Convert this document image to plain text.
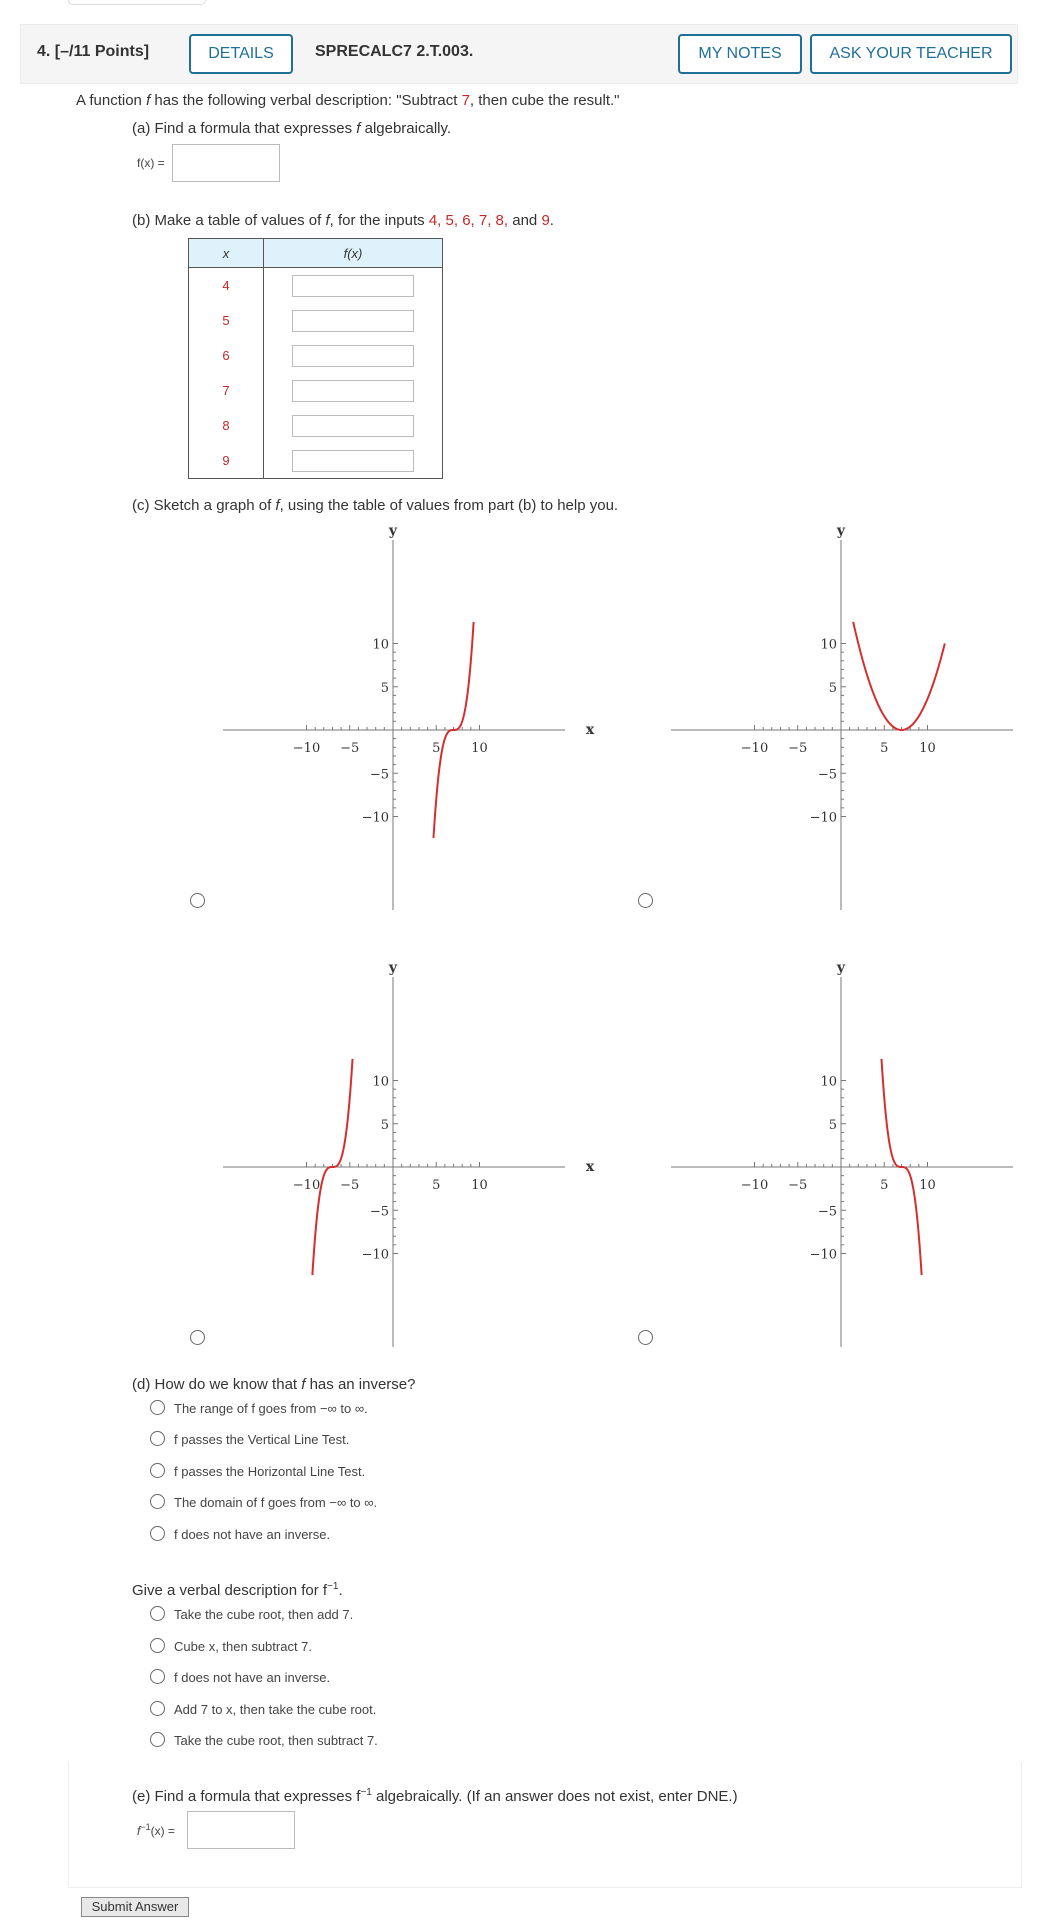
4. [–/11 Points]	DETAILS	SPRECALC7 2.T.003.	MY NOTES	ASK YOUR TEACHER
A function f has the following verbal description: "Subtract 7, then cube the result."
(a) Find a formula that expresses f algebraically.
f(x) =
(b) Make a table of values of f, for the inputs 4, 5, 6, 7, 8, and 9.
x	f(x)
4	
5	
6	
7	
8	
9	
(c) Sketch a graph of f, using the table of values from part (b) to help you.
−10
−10
−5
−5
5
5
10
10
y
x
−10
−10
−5
−5
5
5
10
10
y
−10
−10
−5
−5
5
5
10
10
y
x
−10
−10
−5
−5
5
5
10
10
y
(d) How do we know that f has an inverse?
The range of f goes from −∞ to ∞.
f passes the Vertical Line Test.
f passes the Horizontal Line Test.
The domain of f goes from −∞ to ∞.
f does not have an inverse.
Give a verbal description for $f^{-1}$.
Take the cube root, then add 7.
Cube x, then subtract 7.
f does not have an inverse.
Add 7 to x, then take the cube root.
Take the cube root, then subtract 7.
(e) Find a formula that expresses $f^{-1}$ algebraically. (If an answer does not exist, enter DNE.)
$f^{-1}(x)$ =
Submit Answer
